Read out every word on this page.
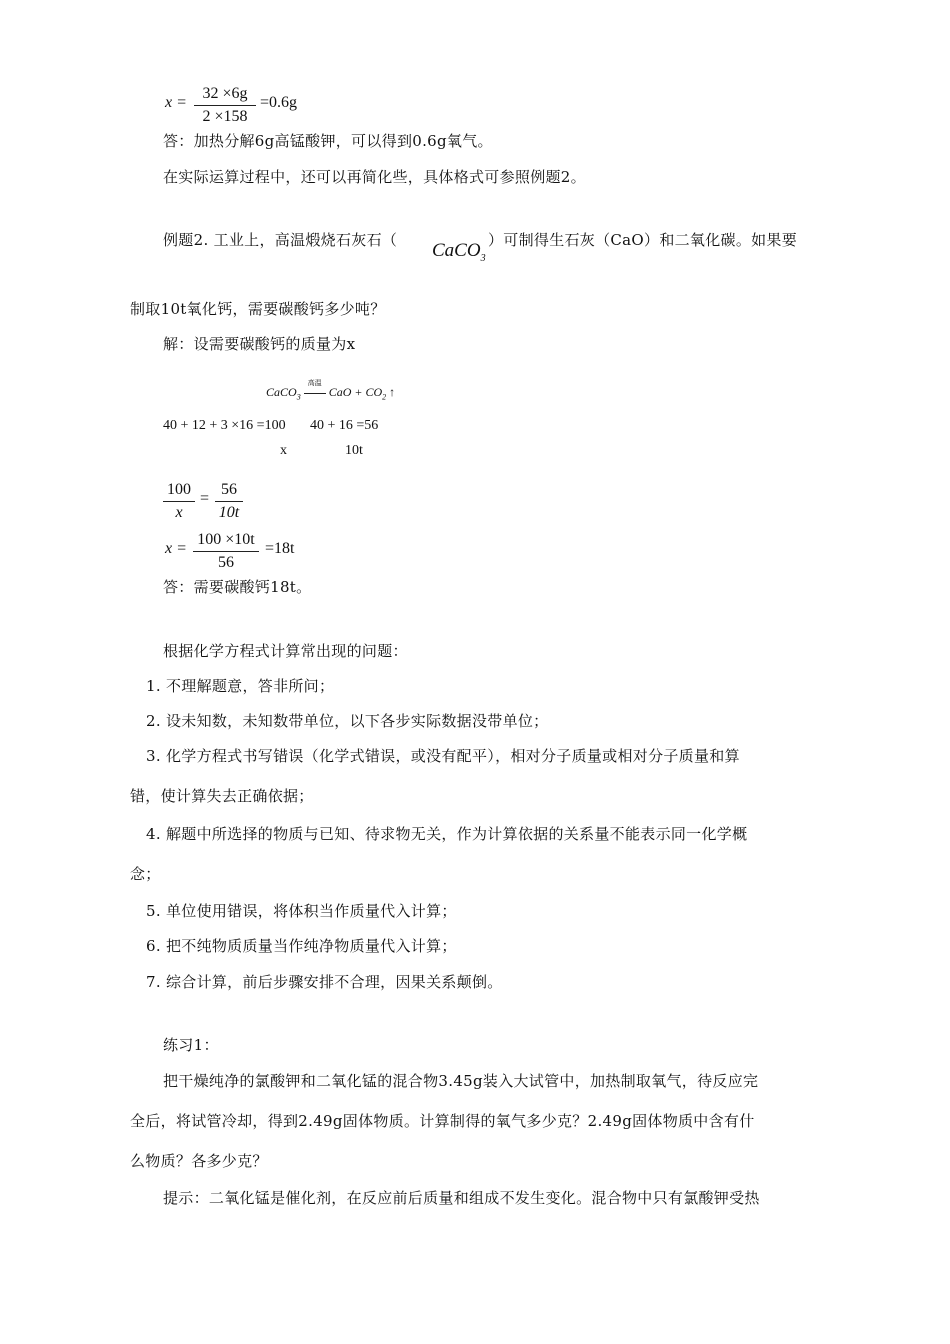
x =
32 ×6g
2 ×158
=0.6g
答：加热分解6g高锰酸钾，可以得到0.6g氧气。
在实际运算过程中，还可以再简化些，具体格式可参照例题2。
例题2. 工业上，高温煅烧石灰石（ CaCO$_3$
）可制得生石灰（CaO）和二氧化碳。如果要
制取10t氧化钙，需要碳酸钙多少吨？
解：设需要碳酸钙的质量为x
CaCO$_3$
高温
CaO + $CO_2$ ↑
40 + 12 + 3 ×16 =100 40 + 16 =56
x	10t
100
x
=
56
10t
x =
100 ×10t
56
=18t
答：需要碳酸钙18t。
根据化学方程式计算常出现的问题：
1. 不理解题意，答非所问；
2. 设未知数，未知数带单位，以下各步实际数据没带单位；
3. 化学方程式书写错误（化学式错误，或没有配平），相对分子质量或相对分子质量和算
错，使计算失去正确依据；
4. 解题中所选择的物质与已知、待求物无关，作为计算依据的关系量不能表示同一化学概
念；
5. 单位使用错误，将体积当作质量代入计算；
6. 把不纯物质质量当作纯净物质量代入计算；
7. 综合计算，前后步骤安排不合理，因果关系颠倒。
练习1：
把干燥纯净的氯酸钾和二氧化锰的混合物3.45g装入大试管中，加热制取氧气，待反应完
全后，将试管冷却，得到2.49g固体物质。计算制得的氧气多少克？2.49g固体物质中含有什
么物质？各多少克？
提示：二氧化锰是催化剂，在反应前后质量和组成不发生变化。混合物中只有氯酸钾受热
